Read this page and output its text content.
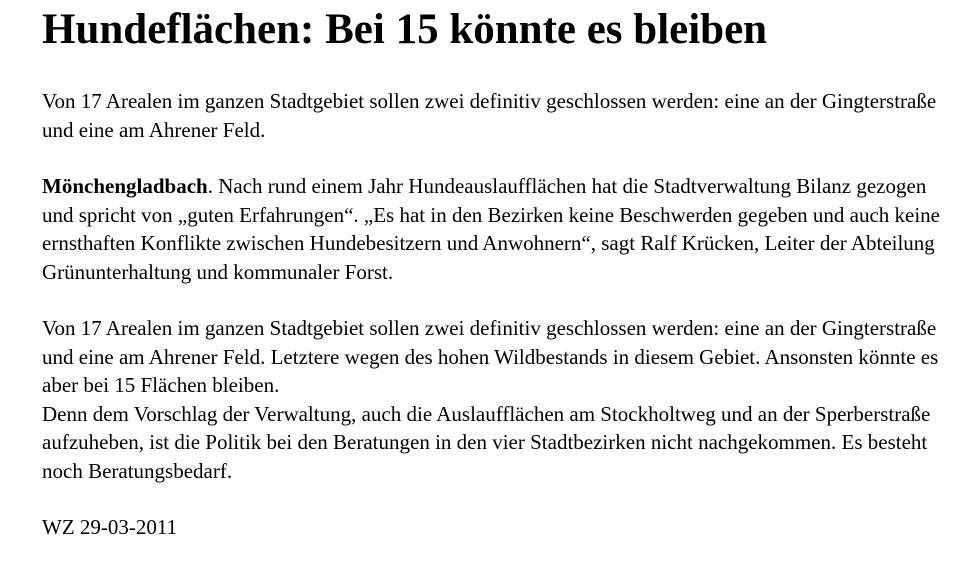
Hundeflächen: Bei 15 könnte es bleiben

Von 17 Arealen im ganzen Stadtgebiet sollen zwei definitiv geschlossen werden: eine an der Gingterstraße und eine am Ahrener Feld.

Mönchengladbach. Nach rund einem Jahr Hundeauslaufflächen hat die Stadtverwaltung Bilanz gezogen und spricht von „guten Erfahrungen“. „Es hat in den Bezirken keine Beschwerden gegeben und auch keine ernsthaften Konflikte zwischen Hundebesitzern und Anwohnern“, sagt Ralf Krücken, Leiter der Abteilung Grünunterhaltung und kommunaler Forst.

Von 17 Arealen im ganzen Stadtgebiet sollen zwei definitiv geschlossen werden: eine an der Gingterstraße und eine am Ahrener Feld. Letztere wegen des hohen Wildbestands in diesem Gebiet. Ansonsten könnte es aber bei 15 Flächen bleiben.
Denn dem Vorschlag der Verwaltung, auch die Auslaufflächen am Stockholtweg und an der Sperberstraße aufzuheben, ist die Politik bei den Beratungen in den vier Stadtbezirken nicht nachgekommen. Es besteht noch Beratungsbedarf.

WZ 29-03-2011
